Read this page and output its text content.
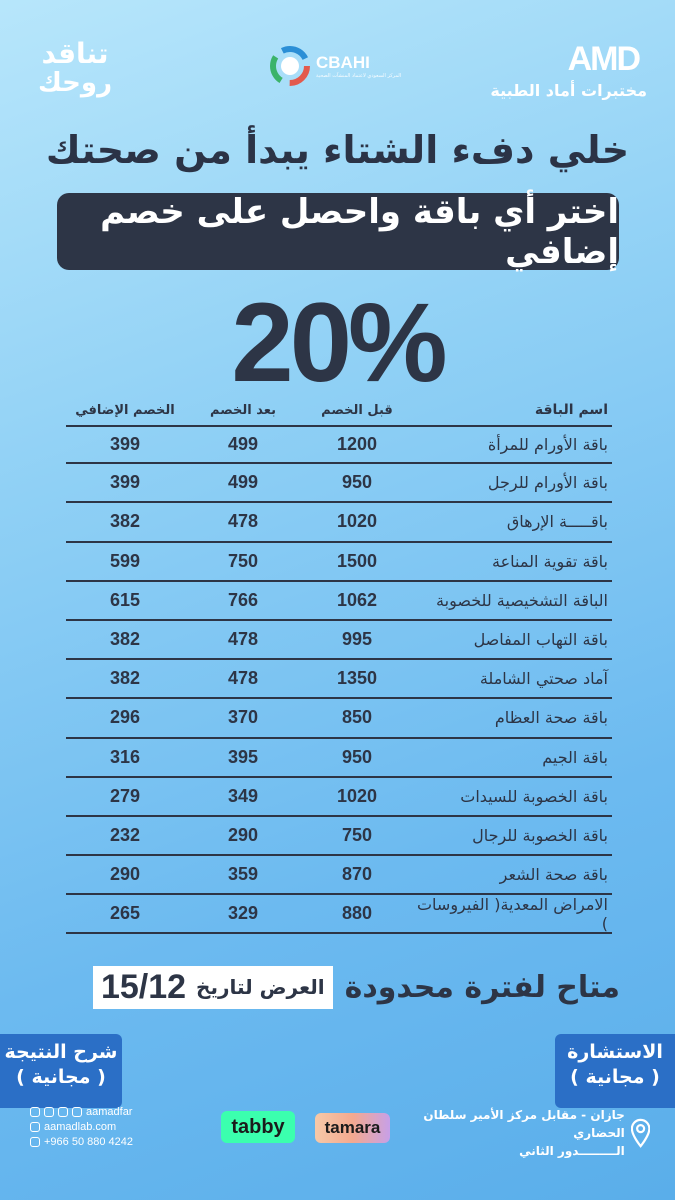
تناقد
روحك
CBAHI
المركز السعودي لاعتماد المنشآت الصحية	AMD
مختبرات أماد الطبية
خلي دفء الشتاء يبدأ من صحتك
اختر أي باقة واحصل على خصم إضافي
20%
اسم الباقة
قبل الخصم
بعد الخصم
الخصم الإضافي
باقة الأورام للمرأة
1200
499
399
باقة الأورام للرجل
950
499
399
باقـــــة الإرهاق
1020
478
382
باقة تقوية المناعة
1500
750
599
الباقة التشخيصية للخصوبة
1062
766
615
باقة التهاب المفاصل
995
478
382
آماد صحتي الشاملة
1350
478
382
باقة صحة العظام
850
370
296
باقة الجيم
950
395
316
باقة الخصوبة للسيدات
1020
349
279
باقة الخصوبة للرجال
750
290
232
باقة صحة الشعر
870
359
290
الامراض المعدية( الفيروسات )
880
329
265
متاح لفترة محدودة
العرض لتاريخ
15/12
شرح النتيجة
( مجانية )
الاستشارة
( مجانية )
aamadfar
aamadlab.com
+966 50 880 4242
tabby	tamara
جازان - مقابل مركز الأمير سلطان الحضاري
الـــــــــدور الثاني
